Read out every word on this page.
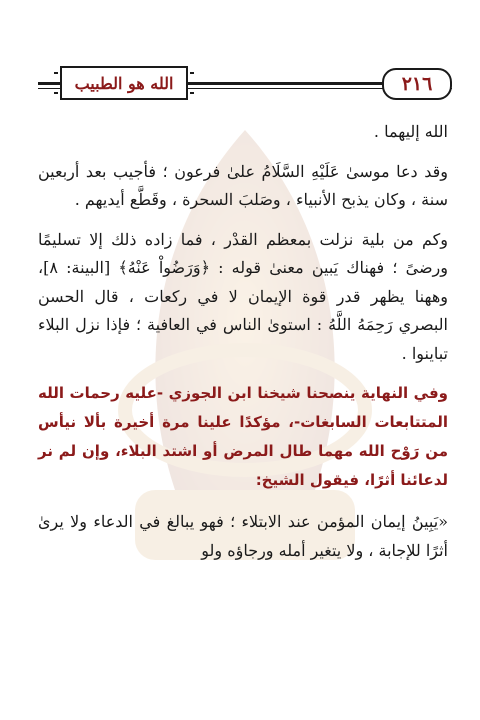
٢١٦
الله هو الطبيب

الله إليهما .

وقد دعا موسىٰ عَلَيْهِ السَّلَامُ علىٰ فرعون ؛ فأجيب بعد أربعين سنة ، وكان يذبح الأنبياء ، وصَلبَ السحرة ، وقَطَّع أيديهم .

وكم من بلية نزلت بمعظم القدْر ، فما زاده ذلك إلا تسليمًا ورضىً ؛ فهناك يَبين معنىٰ قوله : ﴿وَرَضُواْ عَنْهُ﴾ [البينة: ٨]، وههنا يظهر قدر قوة الإيمان لا في ركعات ، قال الحسن البصري رَحِمَهُ اللَّهُ : استوىٰ الناس في العافية ؛ فإذا نزل البلاء تباينوا .

وفي النهاية ينصحنا شيخنا ابن الجوزي -عليه رحمات الله المتتابعات السابغات-، مؤكدًا علينا مرة أخيرة بألا نيأس من رَوْح الله مهما طال المرض أو اشتد البلاء، وإن لم نر لدعائنا أثرًا، فيقول الشيخ:

«يَبِينُ إيمان المؤمن عند الابتلاء ؛ فهو يبالغ في الدعاء ولا يرىٰ أثرًا للإجابة ، ولا يتغير أمله ورجاؤه ولو
